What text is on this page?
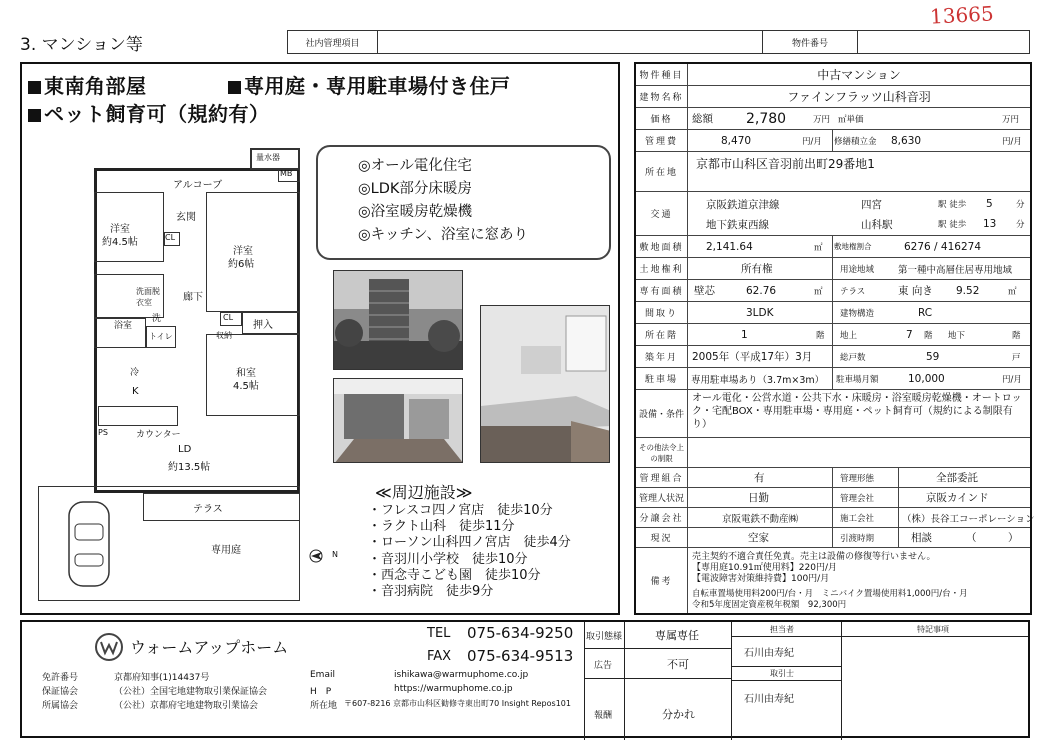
3. マンション等
13665
社内管理項目	物件番号
東南角部屋	専用庭・専用駐車場付き住戸
ペット飼育可（規約有）
量水器
MB
アルコーブ
洋室
約4.5帖
玄関
CL
洋室
約6帖
廊下
CL
押入
洗面脱衣室
浴室
洗
トイレ	収納
和室
4.5帖
冷
K
PS	カウンター
LD
約13.5帖
テラス
専用庭	N
◎オール電化住宅
◎LDK部分床暖房
◎浴室暖房乾燥機
◎キッチン、浴室に窓あり
≪周辺施設≫
・フレスコ四ノ宮店　徒歩10分
・ラクト山科　徒歩11分
・ローソン山科四ノ宮店　徒歩4分
・音羽川小学校　徒歩10分
・西念寺こども園　徒歩10分
・音羽病院　徒歩9分
物件種目	中古マンション
建物名称	ファインフラッツ山科音羽
価格	総額 2,780	万円 ㎡単価	万円
管理費	8,470	円/月 修繕積立金 8,630	円/月
所在地
京都市山科区音羽前出町29番地1
交通
京阪鉄道京津線	四宮	駅 徒歩 5	分
地下鉄東西線	山科駅	駅 徒歩 13 分
敷地面積	2,141.64	㎡ 敷地権割合	6276 / 416274
土地権利	所有権	用途地域	第一種中高層住居専用地域
専有面積	壁芯	62.76	㎡ テラス	東 向き 9.52	㎡
間取り	3LDK	建物構造	RC
所在階	1	階 地上	7 階 地下	階
築年月	2005年（平成17年）3月	総戸数	59	戸
駐車場	専用駐車場あり（3.7m×3m） 駐車場月額	10,000	円/月
設備・条件
オール電化・公営水道・公共下水・床暖房・浴室暖房乾燥機・オートロック・宅配BOX・専用駐車場・専用庭・ペット飼育可（規約による制限有り）
その他法令上の制限
管理組合	有	管理形態	全部委託
管理人状況	日勤	管理会社	京阪カインド
分譲会社	京阪電鉄不動産㈱	施工会社	（株）長谷工コーポレーション
現況	空家	引渡時期	相談	（　　　）
備考
売主契約不適合責任免責。売主は設備の修復等行いません。
【専用庭10.91㎡使用料】220円/月
【電波障害対策維持費】100円/月
自転車置場使用料200円/台・月　ミニバイク置場使用料1,000円/台・月
令和5年度固定資産税年税額　92,300円
ウォームアップホーム
TEL 075-634-9250
FAX 075-634-9513
免許番号	京都府知事(1)14437号
保証協会	（公社）全国宅地建物取引業保証協会
所属協会	（公社）京都府宅地建物取引業協会
Email	ishikawa@warmuphome.co.jp
H　P	https://warmuphome.co.jp
所在地 〒607-8216 京都市山科区勧修寺東出町70 Insight Repos101
取引態様	専属専任
広告	不可
報酬	分かれ
担当者
石川由寿紀
取引士
石川由寿紀
特記事項
